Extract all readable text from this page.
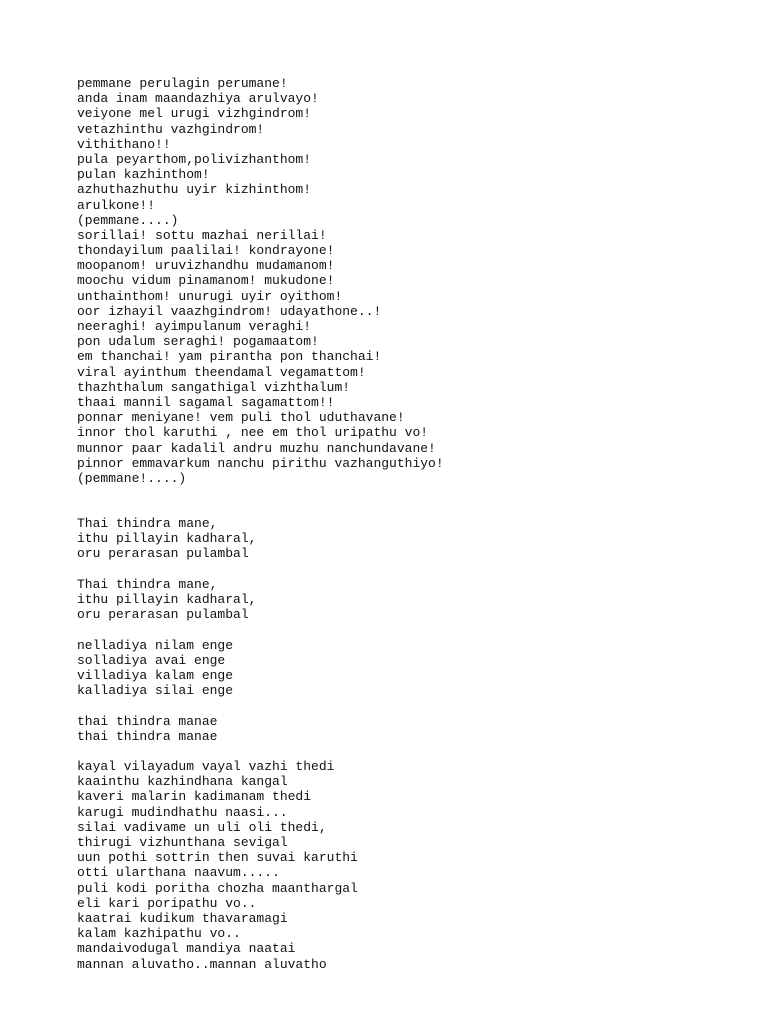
pemmane perulagin perumane!
anda inam maandazhiya arulvayo!
veiyone mel urugi vizhgindrom!
vetazhinthu vazhgindrom!
vithithano!!
pula peyarthom,polivizhanthom!
pulan kazhinthom!
azhuthazhuthu uyir kizhinthom!
arulkone!!
(pemmane....)
sorillai! sottu mazhai nerillai!
thondayilum paalilai! kondrayone!
moopanom! uruvizhandhu mudamanom!
moochu vidum pinamanom! mukudone!
unthainthom! unurugi uyir oyithom!
oor izhayil vaazhgindrom! udayathone..!
neeraghi! ayimpulanum veraghi!
pon udalum seraghi! pogamaatom!
em thanchai! yam pirantha pon thanchai!
viral ayinthum theendamal vegamattom!
thazhthalum sangathigal vizhthalum!
thaai mannil sagamal sagamattom!!
ponnar meniyane! vem puli thol uduthavane!
innor thol karuthi , nee em thol uripathu vo!
munnor paar kadalil andru muzhu nanchundavane!
pinnor emmavarkum nanchu pirithu vazhanguthiyo!
(pemmane!....)
Thai thindra mane,
ithu pillayin kadharal,
oru perarasan pulambal
Thai thindra mane,
ithu pillayin kadharal,
oru perarasan pulambal
nelladiya nilam enge
solladiya avai enge
villadiya kalam enge
kalladiya silai enge
thai thindra manae
thai thindra manae
kayal vilayadum vayal vazhi thedi
kaainthu kazhindhana kangal
kaveri malarin kadimanam thedi
karugi mudindhathu naasi...
silai vadivame un uli oli thedi,
thirugi vizhunthana sevigal
uun pothi sottrin then suvai karuthi
otti ularthana naavum.....
puli kodi poritha chozha maanthargal
eli kari poripathu vo..
kaatrai kudikum thavaramagi
kalam kazhipathu vo..
mandaivodugal mandiya naatai
mannan aluvatho..mannan aluvatho
